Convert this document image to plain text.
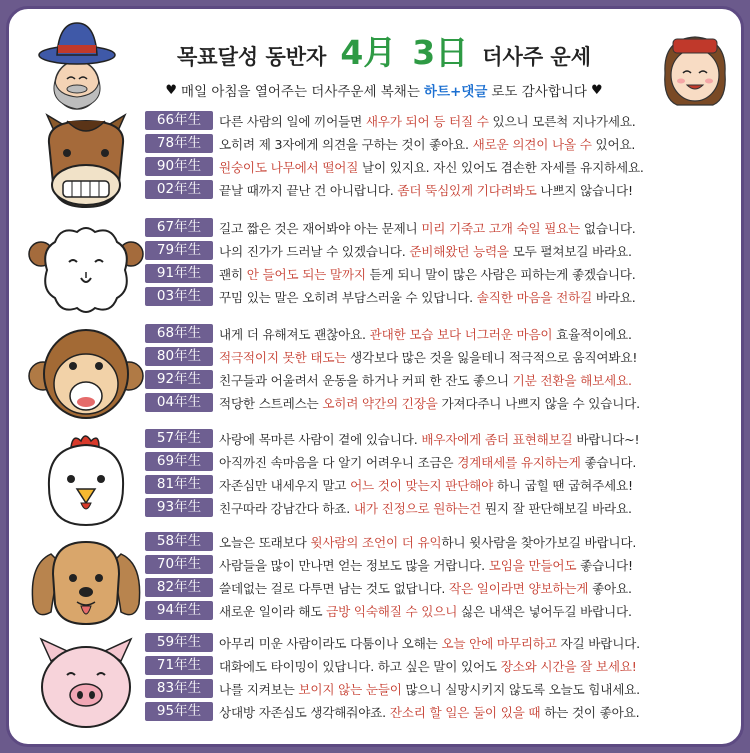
목표달성 동반자 4月 3日 더사주 운세
♥ 매일 아침을 열어주는 더사주운세 복채는 하트+댓글 로도 감사합니다 ♥
66年生	다른 사람의 일에 끼어들면 새우가 되어 등 터질 수 있으니 모른척 지나가세요.
78年生	오히려 제 3자에게 의견을 구하는 것이 좋아요. 새로운 의견이 나올 수 있어요.
90年生	원숭이도 나무에서 떨어질 날이 있지요. 자신 있어도 겸손한 자세를 유지하세요.
02年生	끝날 때까지 끝난 건 아니랍니다. 좀더 뚝심있게 기다려봐도 나쁘지 않습니다!
67年生	길고 짧은 것은 재어봐야 아는 문제니 미리 기죽고 고개 숙일 필요는 없습니다.
79年生	나의 진가가 드러날 수 있겠습니다. 준비해왔던 능력을 모두 펼쳐보길 바라요.
91年生	괜히 안 들어도 되는 말까지 듣게 되니 말이 많은 사람은 피하는게 좋겠습니다.
03年生	꾸밈 있는 말은 오히려 부담스러울 수 있답니다. 솔직한 마음을 전하길 바라요.
68年生	내게 더 유해져도 괜찮아요. 관대한 모습 보다 너그러운 마음이 효율적이에요.
80年生	적극적이지 못한 태도는 생각보다 많은 것을 잃을테니 적극적으로 움직여봐요!
92年生	친구들과 어울려서 운동을 하거나 커피 한 잔도 좋으니 기분 전환을 해보세요.
04年生	적당한 스트레스는 오히려 약간의 긴장을 가져다주니 나쁘지 않을 수 있습니다.
57年生	사랑에 목마른 사람이 곁에 있습니다. 배우자에게 좀더 표현해보길 바랍니다~!
69年生	아직까진 속마음을 다 알기 어려우니 조금은 경계태세를 유지하는게 좋습니다.
81年生	자존심만 내세우지 말고 어느 것이 맞는지 판단해야 하니 굽힐 땐 굽혀주세요!
93年生	친구따라 강남간다 하죠. 내가 진정으로 원하는건 뭔지 잘 판단해보길 바라요.
58年生	오늘은 또래보다 윗사람의 조언이 더 유익하니 윗사람을 찾아가보길 바랍니다.
70年生	사람들을 많이 만나면 얻는 정보도 많을 거랍니다. 모임을 만들어도 좋습니다!
82年生	쓸데없는 걸로 다투면 남는 것도 없답니다. 작은 일이라면 양보하는게 좋아요.
94年生	새로운 일이라 해도 금방 익숙해질 수 있으니 싫은 내색은 넣어두길 바랍니다.
59年生	아무리 미운 사람이라도 다툼이나 오해는 오늘 안에 마무리하고 자길 바랍니다.
71年生	대화에도 타이밍이 있답니다. 하고 싶은 말이 있어도 장소와 시간을 잘 보세요!
83年生	나를 지켜보는 보이지 않는 눈들이 많으니 실망시키지 않도록 오늘도 힘내세요.
95年生	상대방 자존심도 생각해줘야죠. 잔소리 할 일은 둘이 있을 때 하는 것이 좋아요.
